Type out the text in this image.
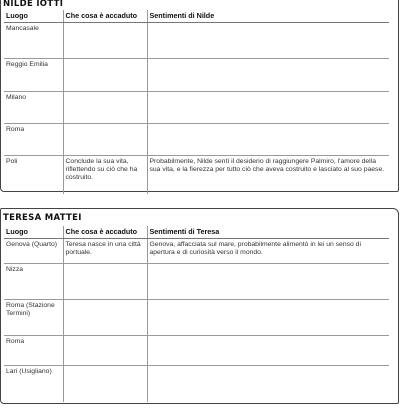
NILDE IOTTI
Luogo	Che cosa è accaduto	Sentimenti di Nilde
Mancasale		
Reggio Emilia		
Milano		
Roma		
Poli	Conclude la sua vita, riflettendo su ciò che ha costruito.	Probabilmente, Nilde sentì il desiderio di raggiungere Palmiro, l'amore della sua vita, e la fierezza per tutto ciò che aveva costruito e lasciato al suo paese.
TERESA MATTEI
Luogo	Che cosa è accaduto	Sentimenti di Teresa
Genova (Quarto)	Teresa nasce in una città portuale.	Genova, affacciata sul mare, probabilmente alimentò in lei un senso di apertura e di curiosità verso il mondo.
Nizza		
Roma (Stazione Termini)		
Roma		
Lari (Usigliano)		
